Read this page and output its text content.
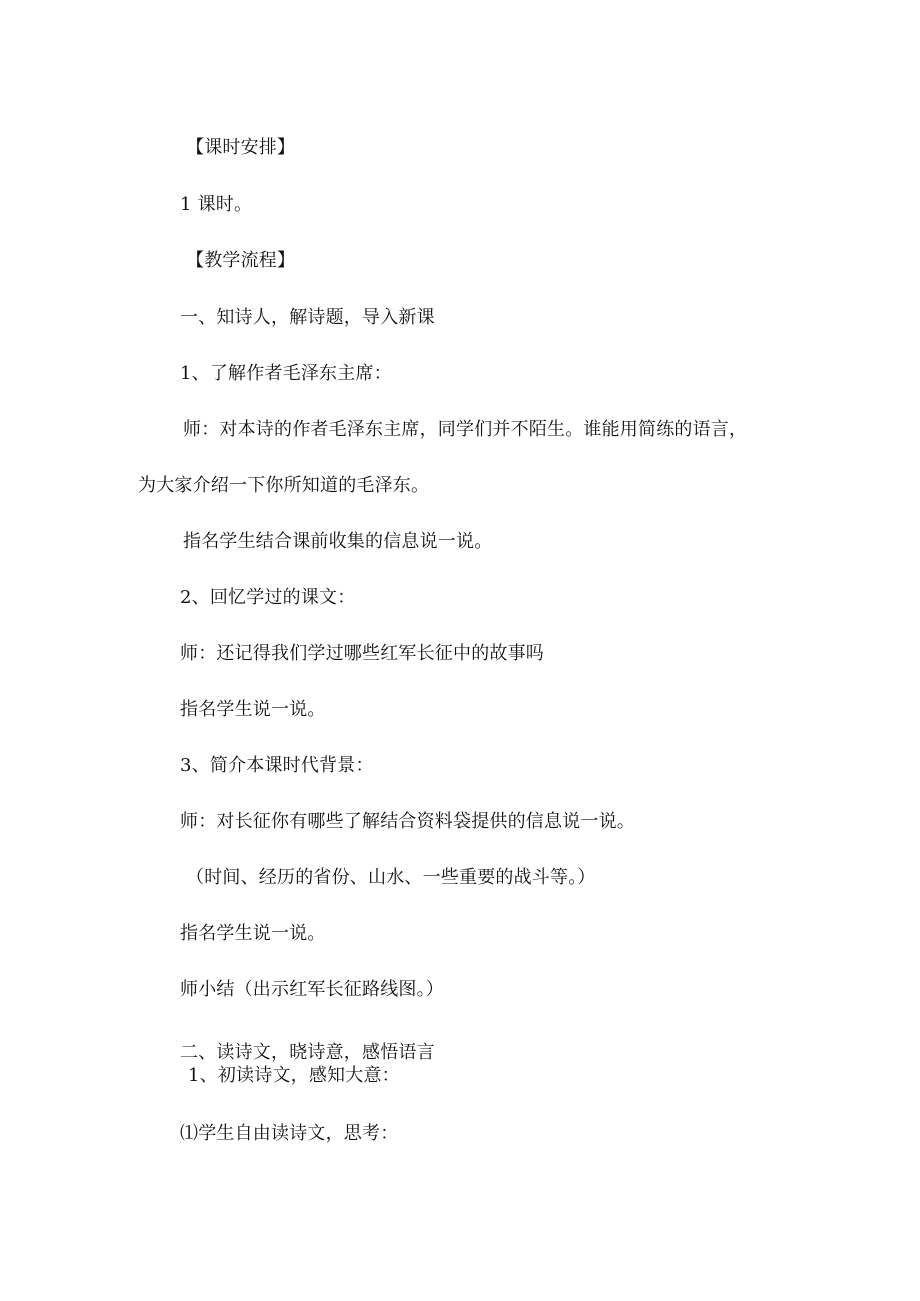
【课时安排】
1 课时。
【教学流程】
一、知诗人，解诗题，导入新课
1、了解作者毛泽东主席：
师：对本诗的作者毛泽东主席，同学们并不陌生。谁能用简练的语言，
为大家介绍一下你所知道的毛泽东。
指名学生结合课前收集的信息说一说。
2、回忆学过的课文：
师：还记得我们学过哪些红军长征中的故事吗
指名学生说一说。
3、简介本课时代背景：
师：对长征你有哪些了解结合资料袋提供的信息说一说。
（时间、经历的省份、山水、一些重要的战斗等。）
指名学生说一说。
师小结（出示红军长征路线图。）
二、读诗文，晓诗意，感悟语言
1、初读诗文，感知大意：
⑴学生自由读诗文，思考：
